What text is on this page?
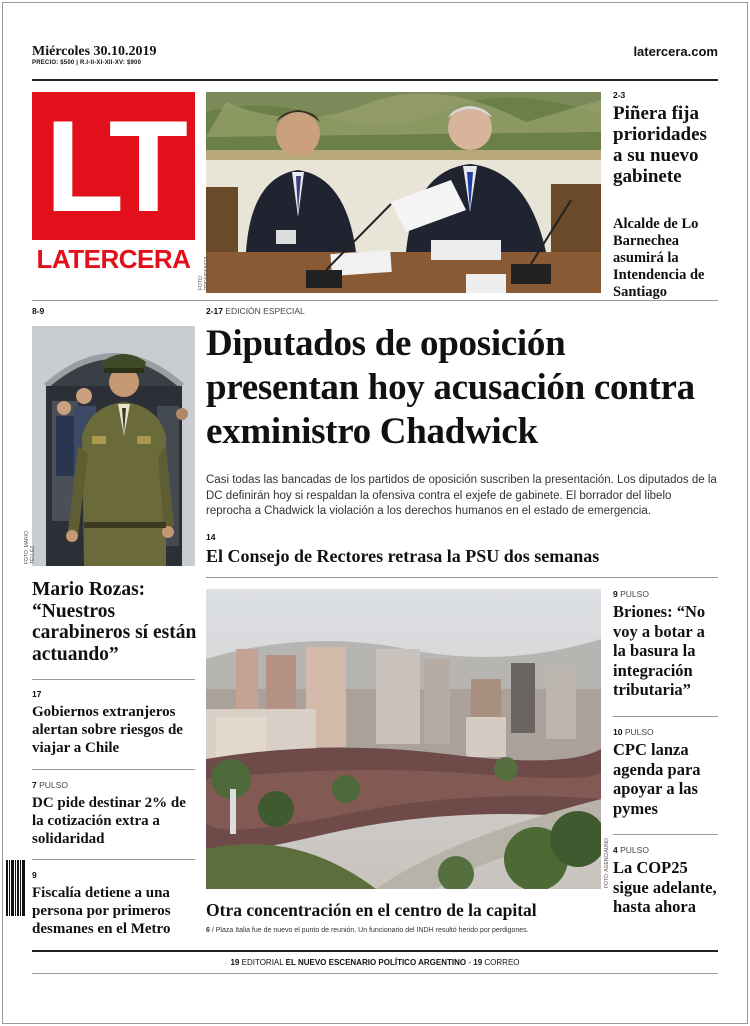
Miércoles 30.10.2019
PRECIO: $500 | R.I-II-XI-XII-XV: $900
latercera.com
LT
LATERCERA
FOTO: PRESIDENCIA
2-3
Piñera fija prioridades a su nuevo gabinete
Alcalde de Lo Barnechea asumirá la Intendencia de Santiago
8-9
FOTO: MARIO TÉLLEZ
Mario Rozas: “Nuestros carabineros sí están actuando”
17
Gobiernos extranjeros alertan sobre riesgos de viajar a Chile
7 PULSO
DC pide destinar 2% de la cotización extra a solidaridad
9
Fiscalía detiene a una persona por primeros desmanes en el Metro
2-17 EDICIÓN ESPECIAL
Diputados de oposición presentan hoy acusación contra exministro Chadwick
Casi todas las bancadas de los partidos de oposición suscriben la presentación. Los diputados de la DC definirán hoy si respaldan la ofensiva contra el exjefe de gabinete. El borrador del libelo reprocha a Chadwick la violación a los derechos humanos en el estado de emergencia.
14
El Consejo de Rectores retrasa la PSU dos semanas
FOTO: AGENCIAUNO
Otra concentración en el centro de la capital
6 / Plaza Italia fue de nuevo el punto de reunión. Un funcionario del INDH resultó herido por perdigones.
9 PULSO
Briones: “No voy a botar a la basura la integración tributaria”
10 PULSO
CPC lanza agenda para apoyar a las pymes
4 PULSO
La COP25 sigue adelante, hasta ahora
19 EDITORIAL EL NUEVO ESCENARIO POLÍTICO ARGENTINO - 19 CORREO
